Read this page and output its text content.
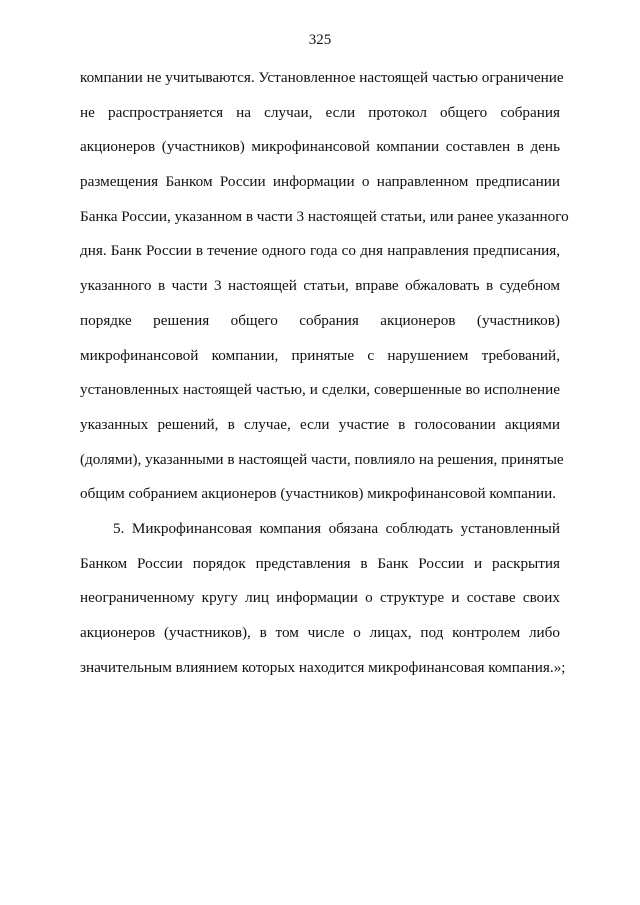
325
компании не учитываются. Установленное настоящей частью ограничение
не распространяется на случаи, если протокол общего собрания
акционеров (участников) микрофинансовой компании составлен в день
размещения Банком России информации о направленном предписании
Банка России, указанном в части 3 настоящей статьи, или ранее указанного
дня. Банк России в течение одного года со дня направления предписания,
указанного в части 3 настоящей статьи, вправе обжаловать в судебном
порядке решения общего собрания акционеров (участников)
микрофинансовой компании, принятые с нарушением требований,
установленных настоящей частью, и сделки, совершенные во исполнение
указанных решений, в случае, если участие в голосовании акциями
(долями), указанными в настоящей части, повлияло на решения, принятые
общим собранием акционеров (участников) микрофинансовой компании.
5. Микрофинансовая компания обязана соблюдать установленный
Банком России порядок представления в Банк России и раскрытия
неограниченному кругу лиц информации о структуре и составе своих
акционеров (участников), в том числе о лицах, под контролем либо
значительным влиянием которых находится микрофинансовая компания.»;
